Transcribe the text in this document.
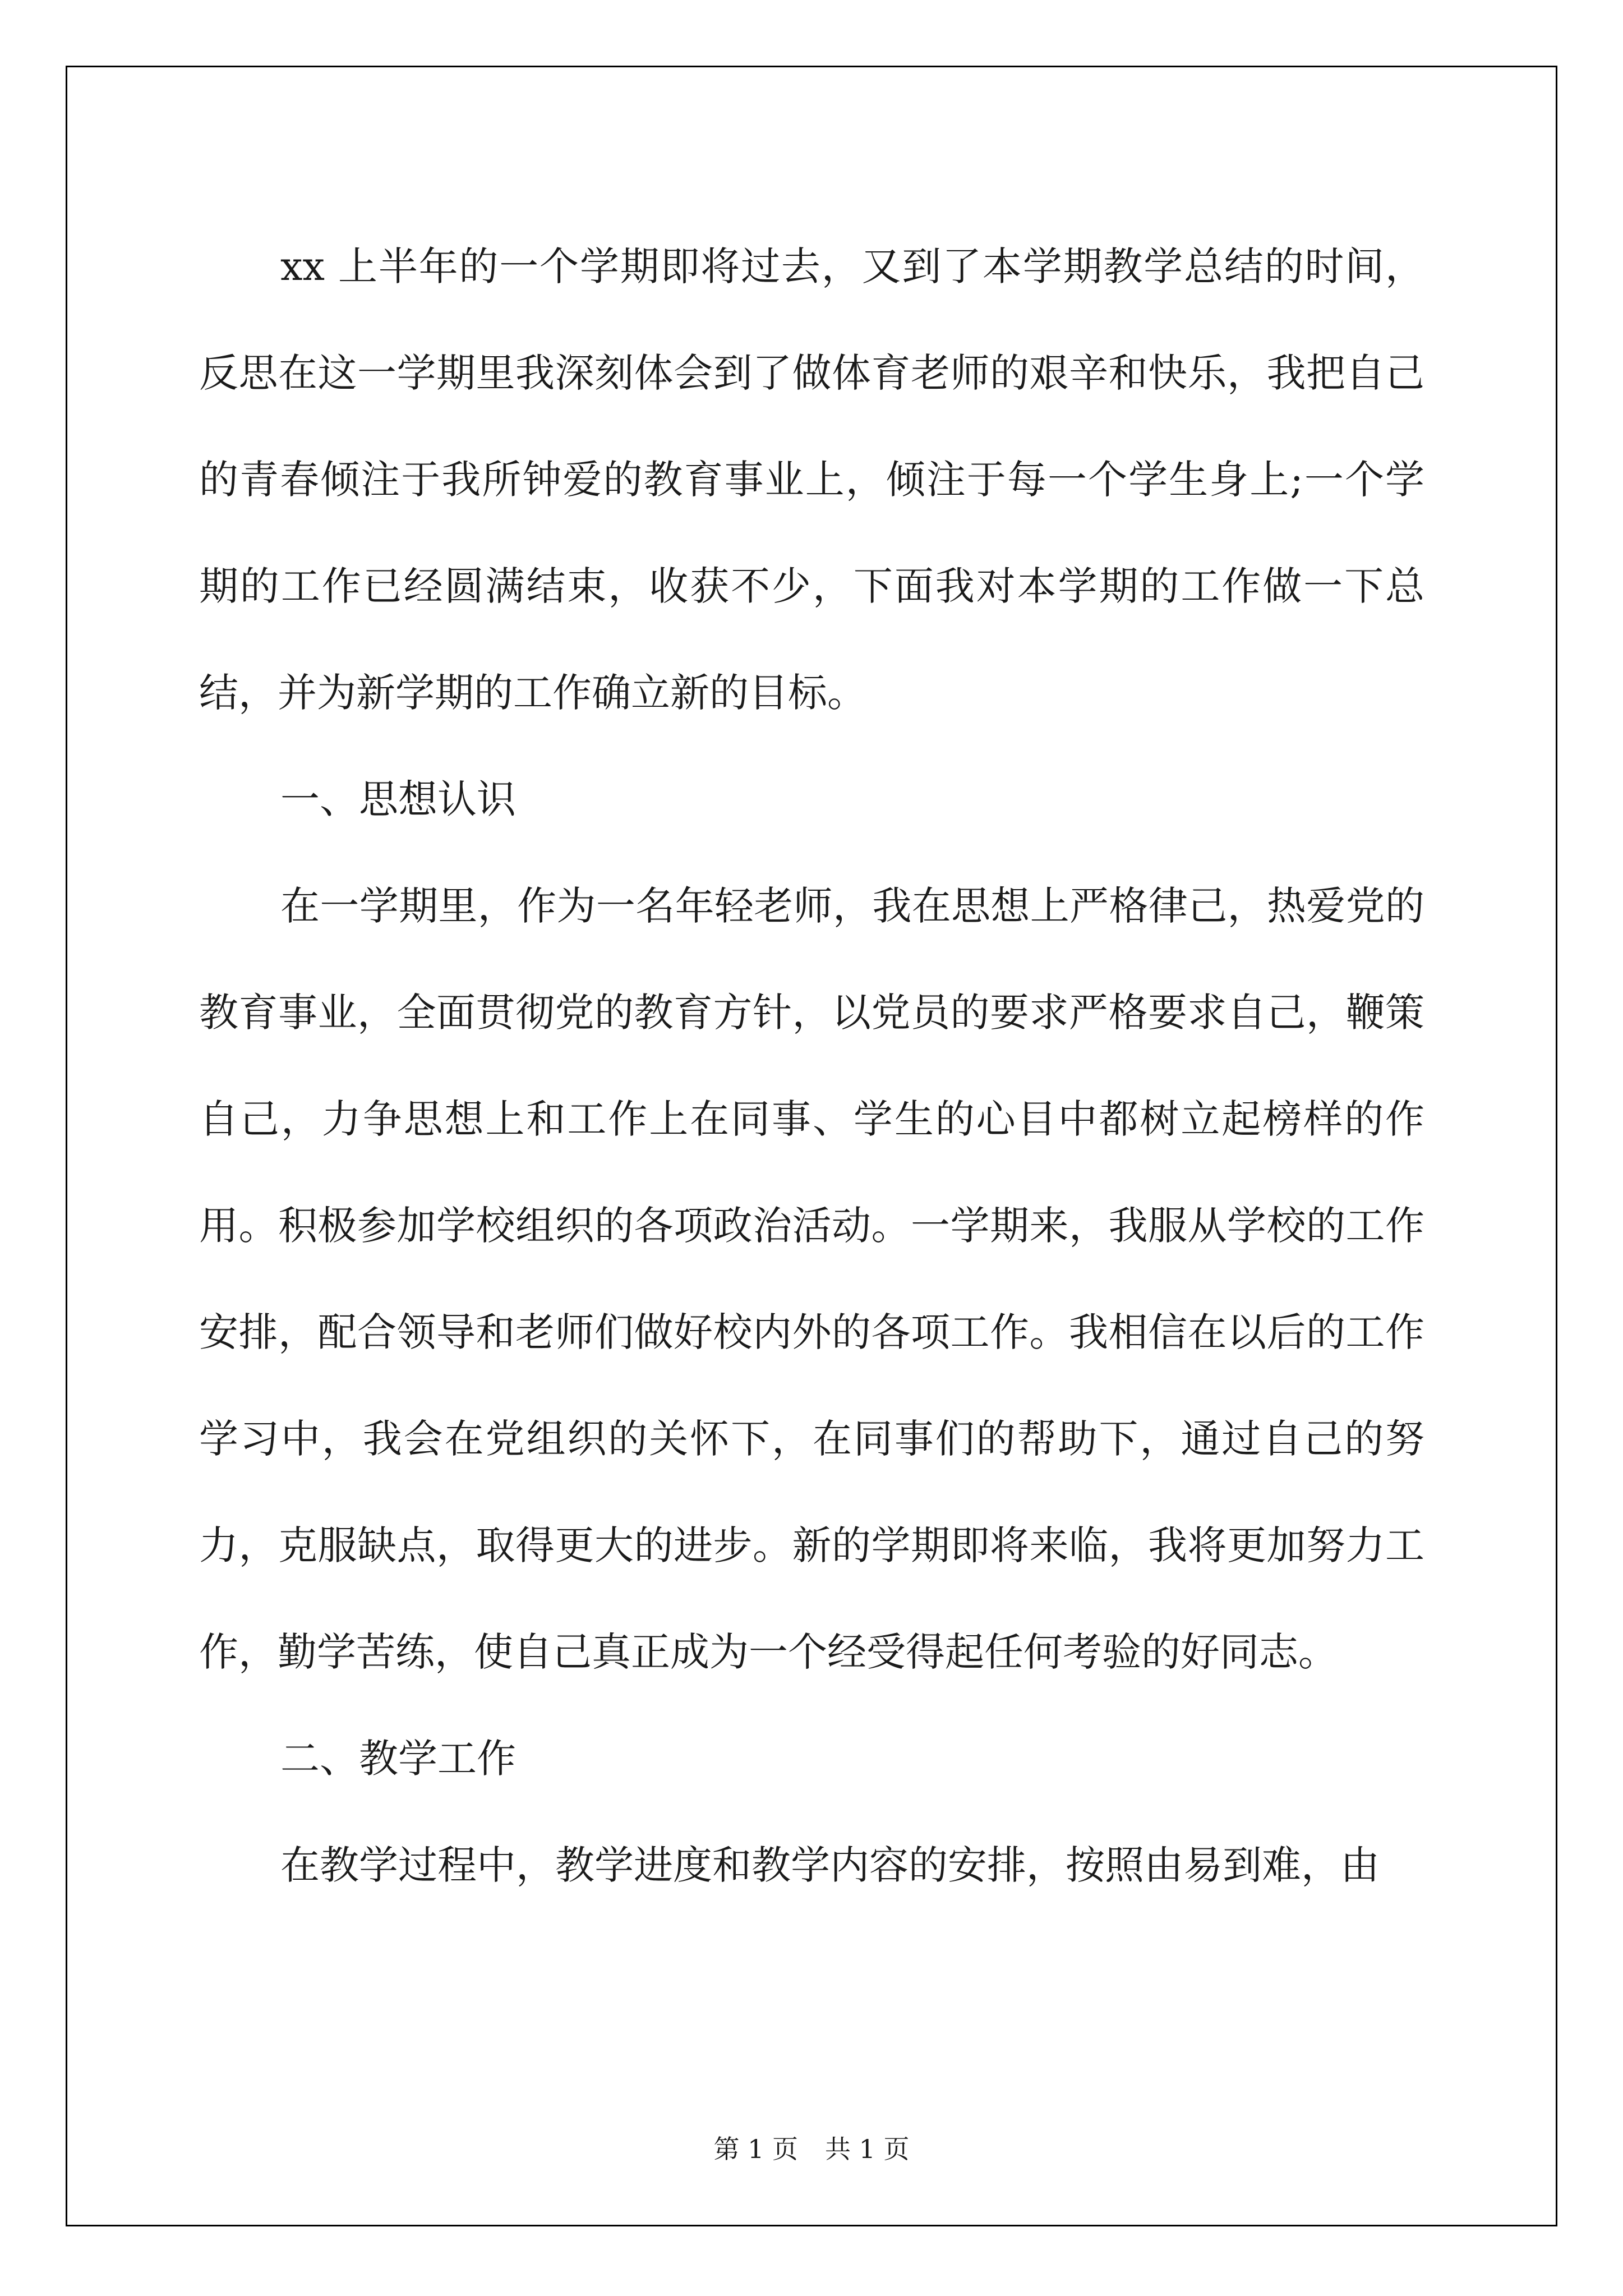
xx 上半年的一个学期即将过去，又到了本学期教学总结的时间，反思在这一学期里我深刻体会到了做体育老师的艰辛和快乐，我把自己的青春倾注于我所钟爱的教育事业上，倾注于每一个学生身上;一个学期的工作已经圆满结束，收获不少，下面我对本学期的工作做一下总结，并为新学期的工作确立新的目标。

一、思想认识

在一学期里，作为一名年轻老师，我在思想上严格律己，热爱党的教育事业，全面贯彻党的教育方针，以党员的要求严格要求自己，鞭策自己，力争思想上和工作上在同事、学生的心目中都树立起榜样的作用。积极参加学校组织的各项政治活动。一学期来，我服从学校的工作安排，配合领导和老师们做好校内外的各项工作。我相信在以后的工作学习中，我会在党组织的关怀下，在同事们的帮助下，通过自己的努力，克服缺点，取得更大的进步。新的学期即将来临，我将更加努力工作，勤学苦练，使自己真正成为一个经受得起任何考验的好同志。

二、教学工作

在教学过程中，教学进度和教学内容的安排，按照由易到难，由

第 1 页 共 1 页
